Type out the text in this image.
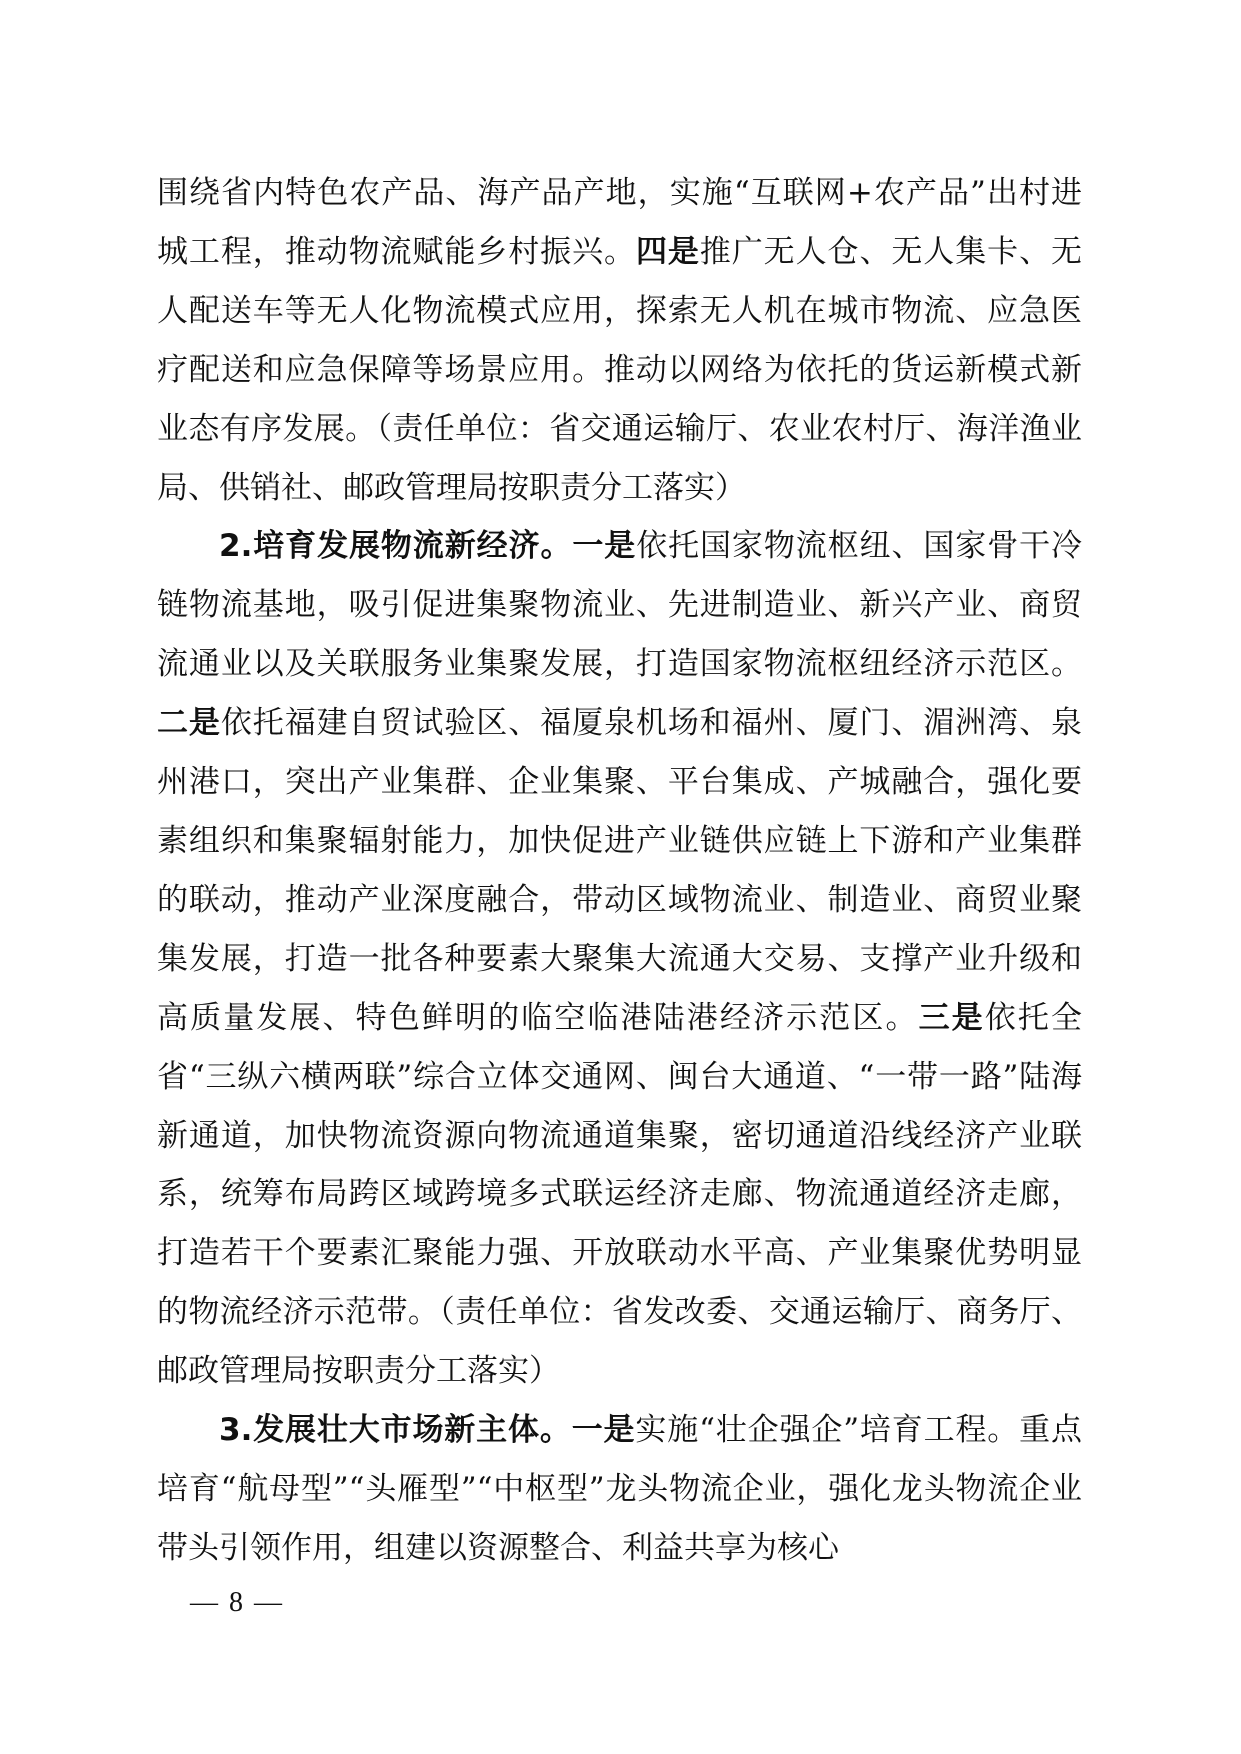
围绕省内特色农产品、海产品产地，实施“互联网+农产品”出村进城工程，推动物流赋能乡村振兴。四是推广无人仓、无人集卡、无人配送车等无人化物流模式应用，探索无人机在城市物流、应急医疗配送和应急保障等场景应用。推动以网络为依托的货运新模式新业态有序发展。（责任单位：省交通运输厅、农业农村厅、海洋渔业局、供销社、邮政管理局按职责分工落实）

2.培育发展物流新经济。一是依托国家物流枢纽、国家骨干冷链物流基地，吸引促进集聚物流业、先进制造业、新兴产业、商贸流通业以及关联服务业集聚发展，打造国家物流枢纽经济示范区。二是依托福建自贸试验区、福厦泉机场和福州、厦门、湄洲湾、泉州港口，突出产业集群、企业集聚、平台集成、产城融合，强化要素组织和集聚辐射能力，加快促进产业链供应链上下游和产业集群的联动，推动产业深度融合，带动区域物流业、制造业、商贸业聚集发展，打造一批各种要素大聚集大流通大交易、支撑产业升级和高质量发展、特色鲜明的临空临港陆港经济示范区。三是依托全省“三纵六横两联”综合立体交通网、闽台大通道、“一带一路”陆海新通道，加快物流资源向物流通道集聚，密切通道沿线经济产业联系，统筹布局跨区域跨境多式联运经济走廊、物流通道经济走廊，打造若干个要素汇聚能力强、开放联动水平高、产业集聚优势明显的物流经济示范带。（责任单位：省发改委、交通运输厅、商务厅、邮政管理局按职责分工落实）

3.发展壮大市场新主体。一是实施“壮企强企”培育工程。重点培育“航母型”“头雁型”“中枢型”龙头物流企业，强化龙头物流企业带头引领作用，组建以资源整合、利益共享为核心

— 8 —
